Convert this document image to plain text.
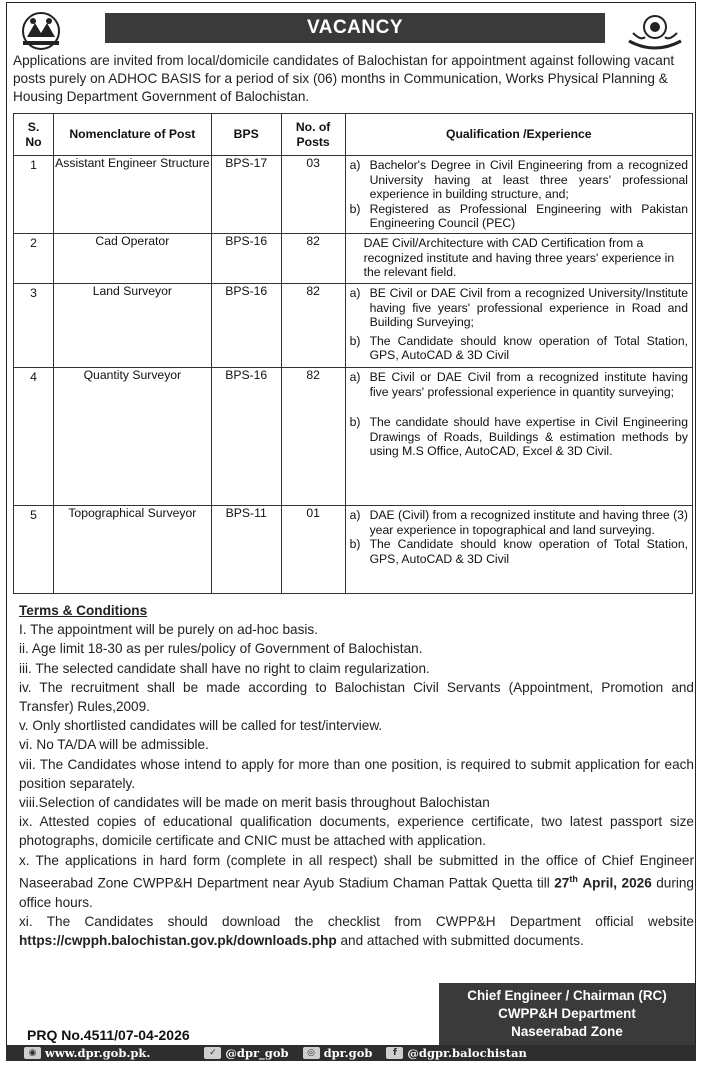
VACANCY
Applications are invited from local/domicile candidates of Balochistan for appointment against following vacant posts purely on ADHOC BASIS for a period of six (06) months in Communication, Works Physical Planning & Housing Department Government of Balochistan.
S. No	Nomenclature of Post	BPS	No. of Posts	Qualification /Experience
1	Assistant Engineer Structure	BPS-17	03	a) Bachelor's Degree in Civil Engineering from a recognized University having at least three years' professional experience in building structure, and;
b) Registered as Professional Engineering with Pakistan Engineering Council (PEC)

2	Cad Operator	BPS-16	82	DAE Civil/Architecture with CAD Certification from a recognized institute and having three years' experience in the relevant field.

3	Land Surveyor	BPS-16	82	a) BE Civil or DAE Civil from a recognized University/Institute having five years' professional experience in Road and Building Surveying;
b) The Candidate should know operation of Total Station, GPS, AutoCAD & 3D Civil

4	Quantity Surveyor	BPS-16	82	a) BE Civil or DAE Civil from a recognized institute having five years' professional experience in quantity surveying;
b) The candidate should have expertise in Civil Engineering Drawings of Roads, Buildings & estimation methods by using M.S Office, AutoCAD, Excel & 3D Civil.

5	Topographical Surveyor	BPS-11	01	a) DAE (Civil) from a recognized institute and having three (3) year experience in topographical and land surveying.
b) The Candidate should know operation of Total Station, GPS, AutoCAD & 3D Civil
Terms & Conditions
I. The appointment will be purely on ad-hoc basis.
ii. Age limit 18-30 as per rules/policy of Government of Balochistan.
iii. The selected candidate shall have no right to claim regularization.
iv. The recruitment shall be made according to Balochistan Civil Servants (Appointment, Promotion and Transfer) Rules,2009.
v. Only shortlisted candidates will be called for test/interview.
vi. No TA/DA will be admissible.
vii. The Candidates whose intend to apply for more than one position, is required to submit application for each position separately.
viii.Selection of candidates will be made on merit basis throughout Balochistan
ix. Attested copies of educational qualification documents, experience certificate, two latest passport size photographs, domicile certificate and CNIC must be attached with application.
x. The applications in hard form (complete in all respect) shall be submitted in the office of Chief Engineer Naseerabad Zone CWPP&H Department near Ayub Stadium Chaman Pattak Quetta till 27th April, 2026 during office hours.
xi. The Candidates should download the checklist from CWPP&H Department official website https://cwpph.balochistan.gov.pk/downloads.php and attached with submitted documents.
Chief Engineer / Chairman (RC)
CWPP&H Department
Naseerabad Zone
PRQ No.4511/07-04-2026
◉ www.dpr.gob.pk.	✓ @dpr_gob	◎ dpr.gob	f @dgpr.balochistan
